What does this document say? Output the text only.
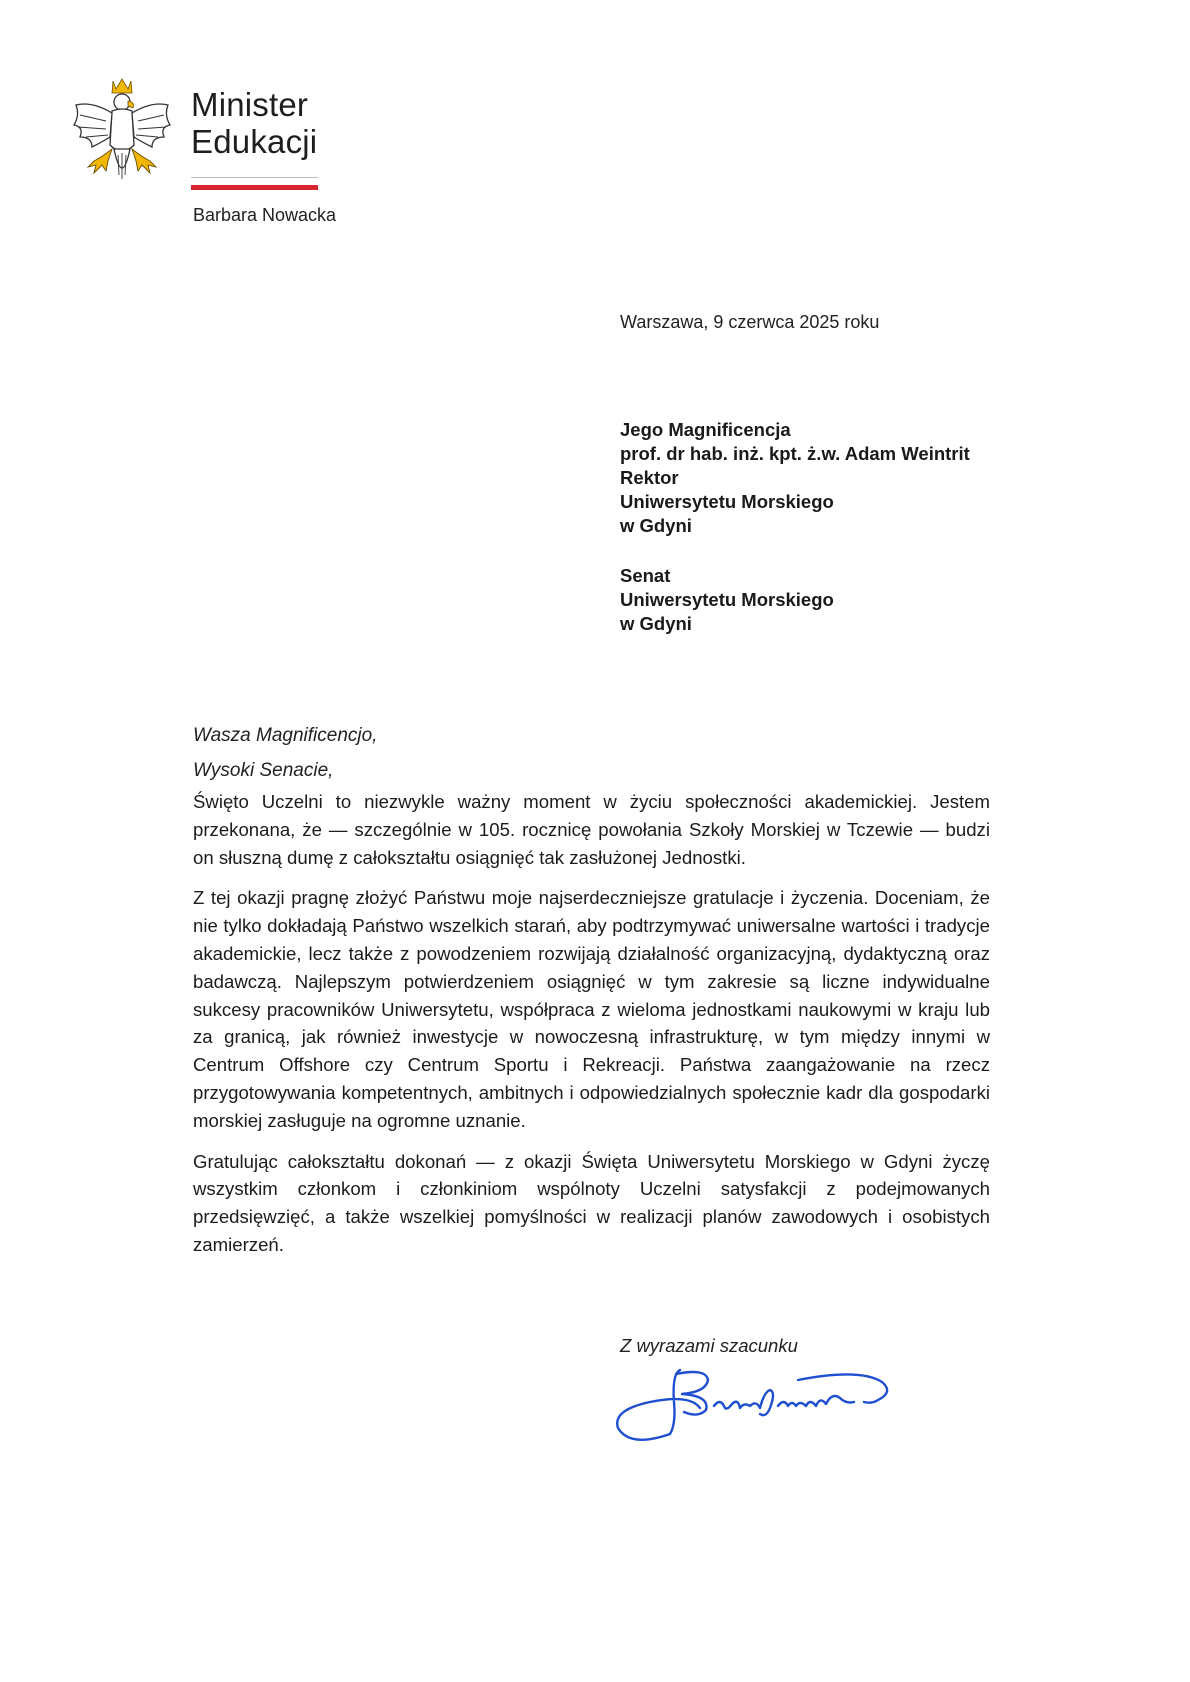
Minister
Edukacji
Barbara Nowacka
Warszawa, 9 czerwca 2025 roku
Jego Magnificencja
prof. dr hab. inż. kpt. ż.w. Adam Weintrit
Rektor
Uniwersytetu Morskiego
w Gdyni
Senat
Uniwersytetu Morskiego
w Gdyni
Wasza Magnificencjo,
Wysoki Senacie,

Święto Uczelni to niezwykle ważny moment w życiu społeczności akademickiej. Jestem przekonana, że — szczególnie w 105. rocznicę powołania Szkoły Morskiej w Tczewie — budzi on słuszną dumę z całokształtu osiągnięć tak zasłużonej Jednostki.

Z tej okazji pragnę złożyć Państwu moje najserdeczniejsze gratulacje i życzenia. Doceniam, że nie tylko dokładają Państwo wszelkich starań, aby podtrzymywać uniwersalne wartości i tradycje akademickie, lecz także z powodzeniem rozwijają działalność organizacyjną, dydaktyczną oraz badawczą. Najlepszym potwierdzeniem osiągnięć w tym zakresie są liczne indywidualne sukcesy pracowników Uniwersytetu, współpraca z wieloma jednostkami naukowymi w kraju lub za granicą, jak również inwestycje w nowoczesną infrastrukturę, w tym między innymi w Centrum Offshore czy Centrum Sportu i Rekreacji. Państwa zaangażowanie na rzecz przygotowywania kompetentnych, ambitnych i odpowiedzialnych społecznie kadr dla gospodarki morskiej zasługuje na ogromne uznanie.

Gratulując całokształtu dokonań — z okazji Święta Uniwersytetu Morskiego w Gdyni życzę wszystkim członkom i członkiniom wspólnoty Uczelni satysfakcji z podejmowanych przedsięwzięć, a także wszelkiej pomyślności w realizacji planów zawodowych i osobistych zamierzeń.

Z wyrazami szacunku
